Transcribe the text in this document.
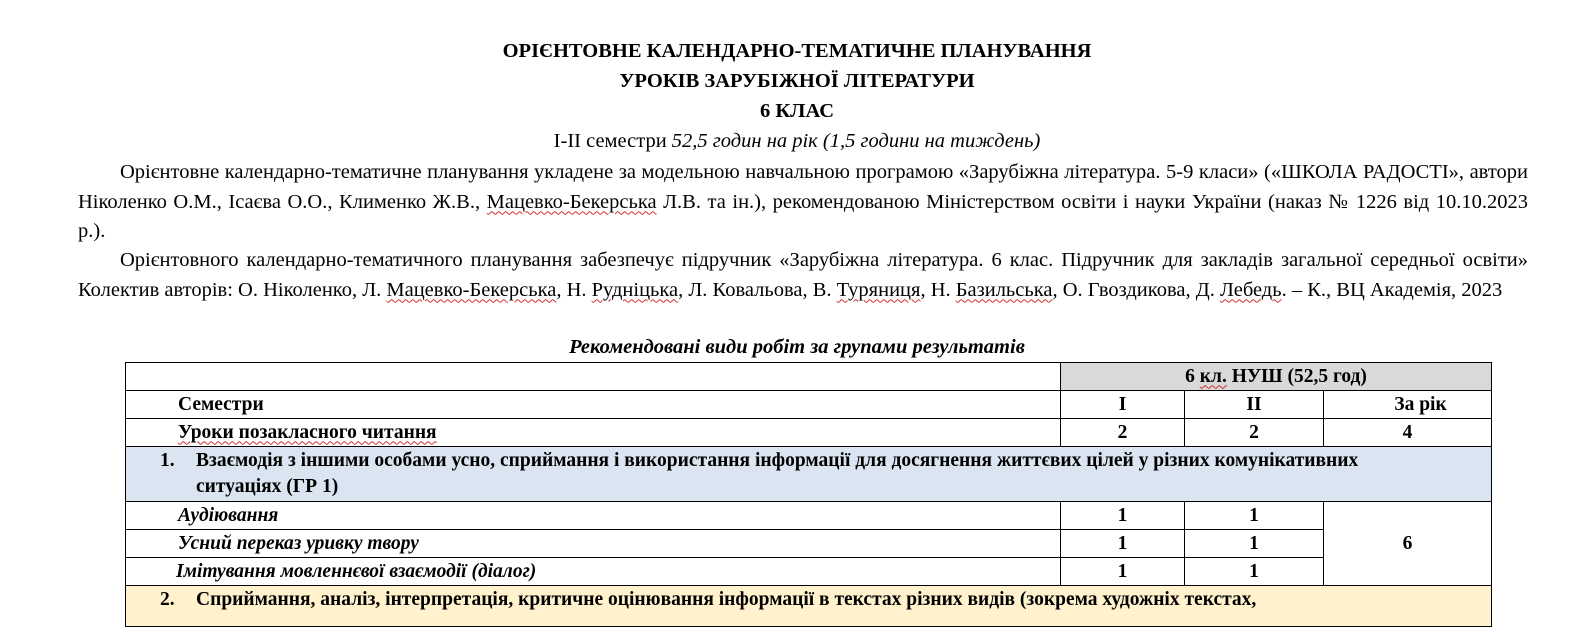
ОРІЄНТОВНЕ КАЛЕНДАРНО-ТЕМАТИЧНЕ ПЛАНУВАННЯ
УРОКІВ ЗАРУБІЖНОЇ ЛІТЕРАТУРИ
6 КЛАС
I-II семестри 52,5 годин на рік (1,5 години на тиждень)
Орієнтовне календарно-тематичне планування укладене за модельною навчальною програмою «Зарубіжна література. 5-9 класи» («ШКОЛА РАДОСТІ», автори Ніколенко О.М., Ісаєва О.О., Клименко Ж.В., Мацевко-Бекерська Л.В. та ін.), рекомендованою Міністерством освіти і науки України (наказ № 1226 від 10.10.2023 р.).
Орієнтовного календарно-тематичного планування забезпечує підручник «Зарубіжна література. 6 клас. Підручник для закладів загальної середньої освіти» Колектив авторів: О. Ніколенко, Л. Мацевко-Бекерська, Н. Рудніцька, Л. Ковальова, В. Туряниця, Н. Базильська, О. Гвоздикова, Д. Лебедь. – К., ВЦ Академія, 2023
Рекомендовані види робіт за групами результатів
	6 кл. НУШ (52,5 год)		
Семестри	I	II	За рік
Уроки позакласного читання	2	2	4

1. Взаємодія з іншими особами усно, сприймання і використання інформації для досягнення життєвих цілей у різних комунікативних ситуаціях (ГР 1)			

Аудіювання	1	1	6
Усний переказ уривку твору	1	1	
Імітування мовленнєвої взаємодії (діалог)	1	1	

2. Сприймання, аналіз, інтерпретація, критичне оцінювання інформації в текстах різних видів (зокрема художніх текстах,			
